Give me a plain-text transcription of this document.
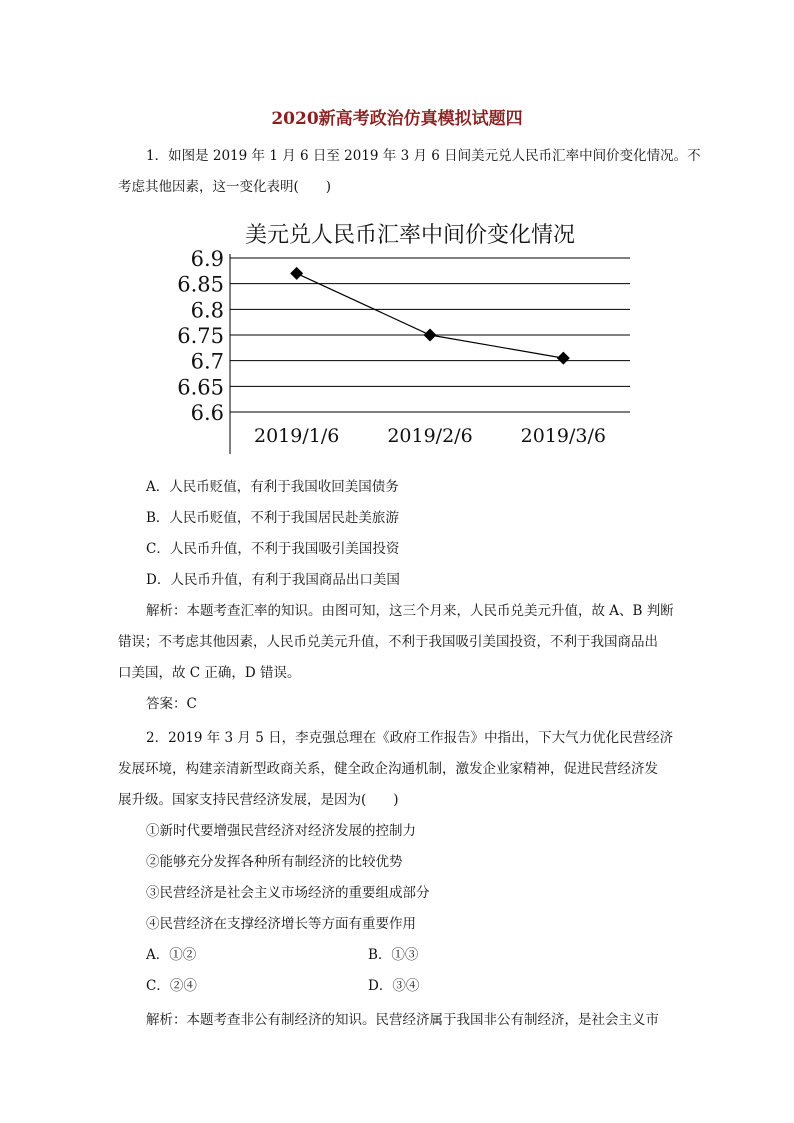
2020新高考政治仿真模拟试题四

1．如图是 2019 年 1 月 6 日至 2019 年 3 月 6 日间美元兑人民币汇率中间价变化情况。不

考虑其他因素，这一变化表明(　　)

美元兑人民币汇率中间价变化情况
6.9
6.85
6.8
6.75
6.7
6.65
6.6
2019/1/6	2019/2/6	2019/3/6

A．人民币贬值，有利于我国收回美国债务

B．人民币贬值，不利于我国居民赴美旅游

C．人民币升值，不利于我国吸引美国投资

D．人民币升值，有利于我国商品出口美国

解析：本题考查汇率的知识。由图可知，这三个月来，人民币兑美元升值，故 A、B 判断

错误；不考虑其他因素，人民币兑美元升值，不利于我国吸引美国投资，不利于我国商品出

口美国，故 C 正确，D 错误。

答案：C

2．2019 年 3 月 5 日，李克强总理在《政府工作报告》中指出，下大气力优化民营经济

发展环境，构建亲清新型政商关系，健全政企沟通机制，激发企业家精神，促进民营经济发

展升级。国家支持民营经济发展，是因为(　　)

①新时代要增强民营经济对经济发展的控制力

②能够充分发挥各种所有制经济的比较优势

③民营经济是社会主义市场经济的重要组成部分

④民营经济在支撑经济增长等方面有重要作用

A．①②	B．①③

C．②④	D．③④

解析：本题考查非公有制经济的知识。民营经济属于我国非公有制经济，是社会主义市
